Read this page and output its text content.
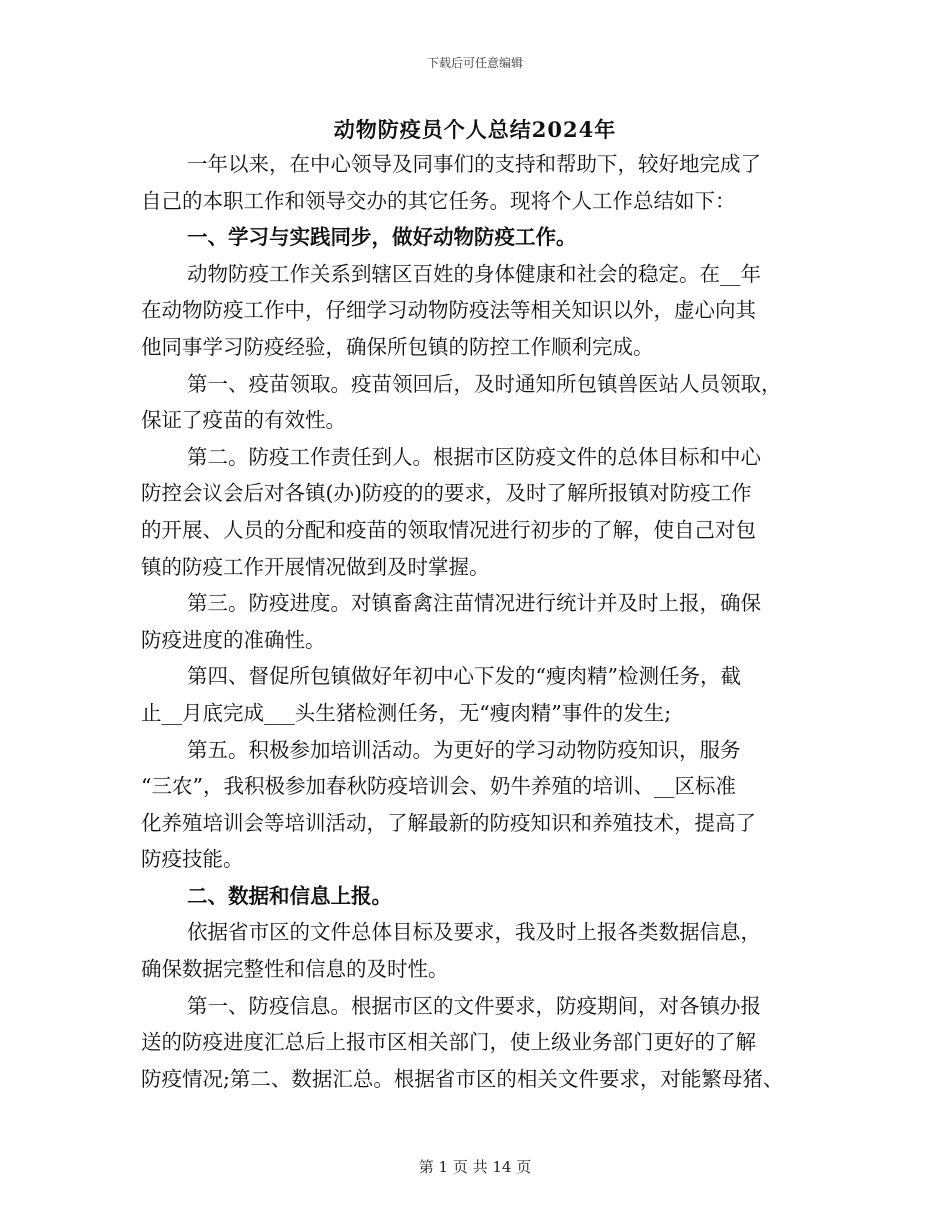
下载后可任意编辑
动物防疫员个人总结2024年
一年以来，在中心领导及同事们的支持和帮助下，较好地完成了
自己的本职工作和领导交办的其它任务。现将个人工作总结如下：
一、学习与实践同步，做好动物防疫工作。
动物防疫工作关系到辖区百姓的身体健康和社会的稳定。在__年
在动物防疫工作中，仔细学习动物防疫法等相关知识以外，虚心向其
他同事学习防疫经验，确保所包镇的防控工作顺利完成。
第一、疫苗领取。疫苗领回后，及时通知所包镇兽医站人员领取，
保证了疫苗的有效性。
第二。防疫工作责任到人。根据市区防疫文件的总体目标和中心
防控会议会后对各镇(办)防疫的的要求，及时了解所报镇对防疫工作
的开展、人员的分配和疫苗的领取情况进行初步的了解，使自己对包
镇的防疫工作开展情况做到及时掌握。
第三。防疫进度。对镇畜禽注苗情况进行统计并及时上报，确保
防疫进度的准确性。
第四、督促所包镇做好年初中心下发的“瘦肉精”检测任务，截
止__月底完成___头生猪检测任务，无“瘦肉精”事件的发生;
第五。积极参加培训活动。为更好的学习动物防疫知识，服务
“三农”，我积极参加春秋防疫培训会、奶牛养殖的培训、__区标准
化养殖培训会等培训活动，了解最新的防疫知识和养殖技术，提高了
防疫技能。
二、数据和信息上报。
依据省市区的文件总体目标及要求，我及时上报各类数据信息，
确保数据完整性和信息的及时性。
第一、防疫信息。根据市区的文件要求，防疫期间，对各镇办报
送的防疫进度汇总后上报市区相关部门，使上级业务部门更好的了解
防疫情况;第二、数据汇总。根据省市区的相关文件要求，对能繁母猪、
第 1 页 共 14 页
